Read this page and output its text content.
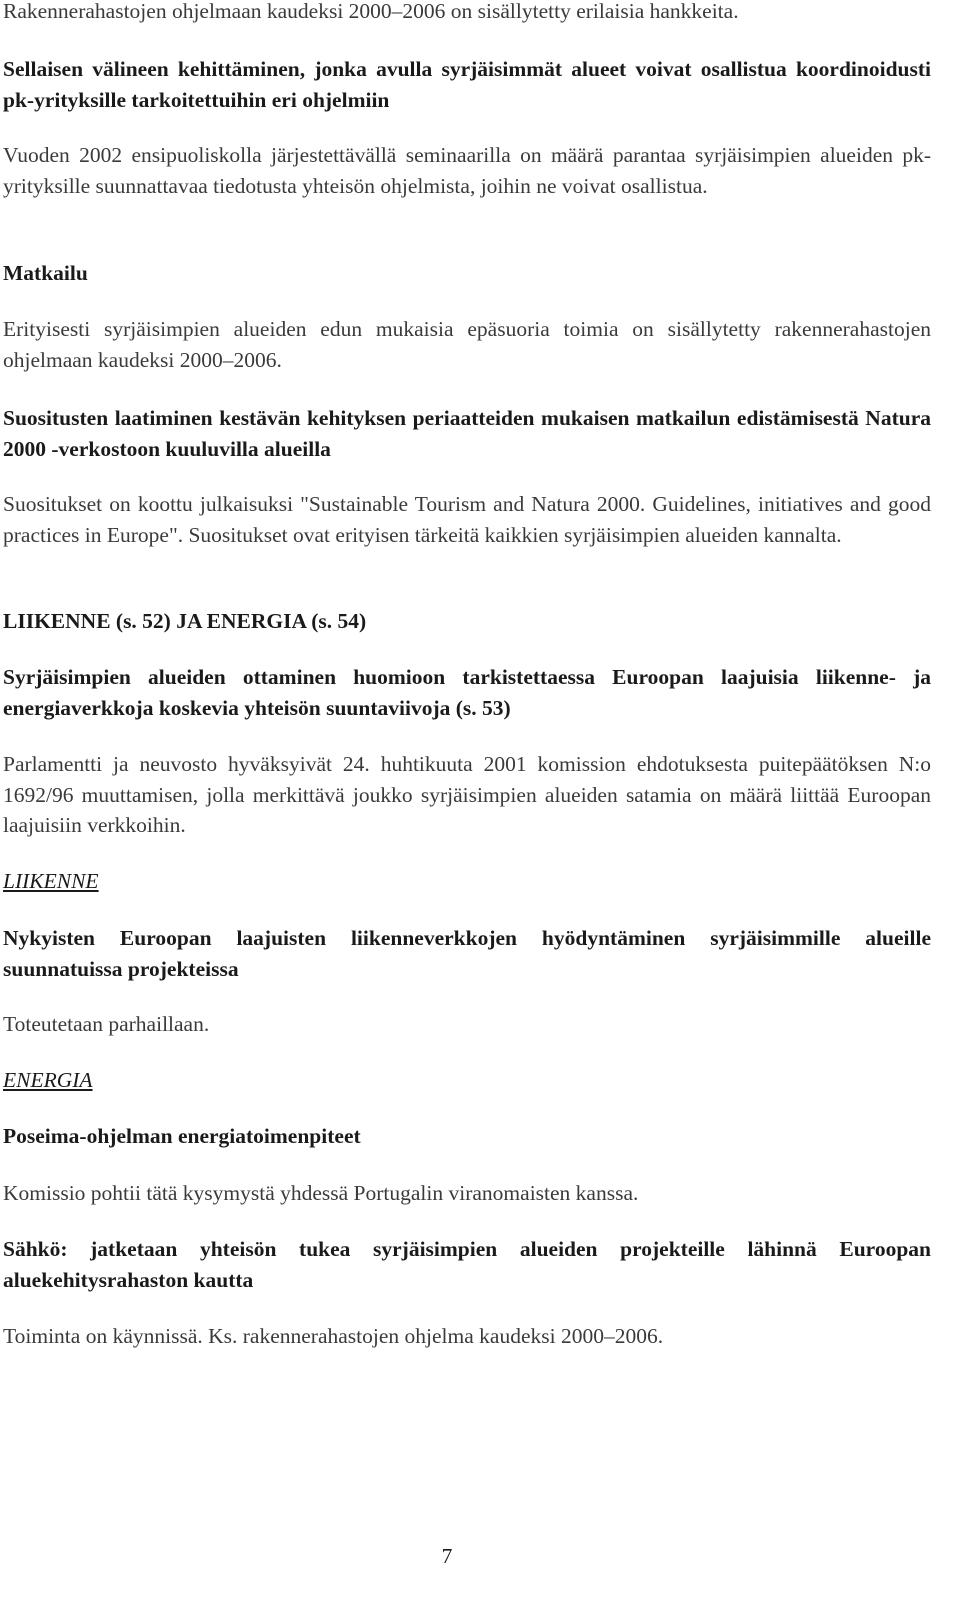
Rakennerahastojen ohjelmaan kaudeksi 2000–2006 on sisällytetty erilaisia hankkeita.

Sellaisen välineen kehittäminen, jonka avulla syrjäisimmät alueet voivat osallistua koordinoidusti pk-yrityksille tarkoitettuihin eri ohjelmiin

Vuoden 2002 ensipuoliskolla järjestettävällä seminaarilla on määrä parantaa syrjäisimpien alueiden pk-yrityksille suunnattavaa tiedotusta yhteisön ohjelmista, joihin ne voivat osallistua.

Matkailu

Erityisesti syrjäisimpien alueiden edun mukaisia epäsuoria toimia on sisällytetty rakennerahastojen ohjelmaan kaudeksi 2000–2006.

Suositusten laatiminen kestävän kehityksen periaatteiden mukaisen matkailun edistämisestä Natura 2000 -verkostoon kuuluvilla alueilla

Suositukset on koottu julkaisuksi "Sustainable Tourism and Natura 2000. Guidelines, initiatives and good practices in Europe". Suositukset ovat erityisen tärkeitä kaikkien syrjäisimpien alueiden kannalta.

LIIKENNE (s. 52) JA ENERGIA (s. 54)

Syrjäisimpien alueiden ottaminen huomioon tarkistettaessa Euroopan laajuisia liikenne- ja energiaverkkoja koskevia yhteisön suuntaviivoja (s. 53)

Parlamentti ja neuvosto hyväksyivät 24. huhtikuuta 2001 komission ehdotuksesta puitepäätöksen N:o 1692/96 muuttamisen, jolla merkittävä joukko syrjäisimpien alueiden satamia on määrä liittää Euroopan laajuisiin verkkoihin.

LIIKENNE

Nykyisten Euroopan laajuisten liikenneverkkojen hyödyntäminen syrjäisimmille alueille suunnatuissa projekteissa

Toteutetaan parhaillaan.

ENERGIA

Poseima-ohjelman energiatoimenpiteet

Komissio pohtii tätä kysymystä yhdessä Portugalin viranomaisten kanssa.

Sähkö: jatketaan yhteisön tukea syrjäisimpien alueiden projekteille lähinnä Euroopan aluekehitysrahaston kautta

Toiminta on käynnissä. Ks. rakennerahastojen ohjelma kaudeksi 2000–2006.

7
